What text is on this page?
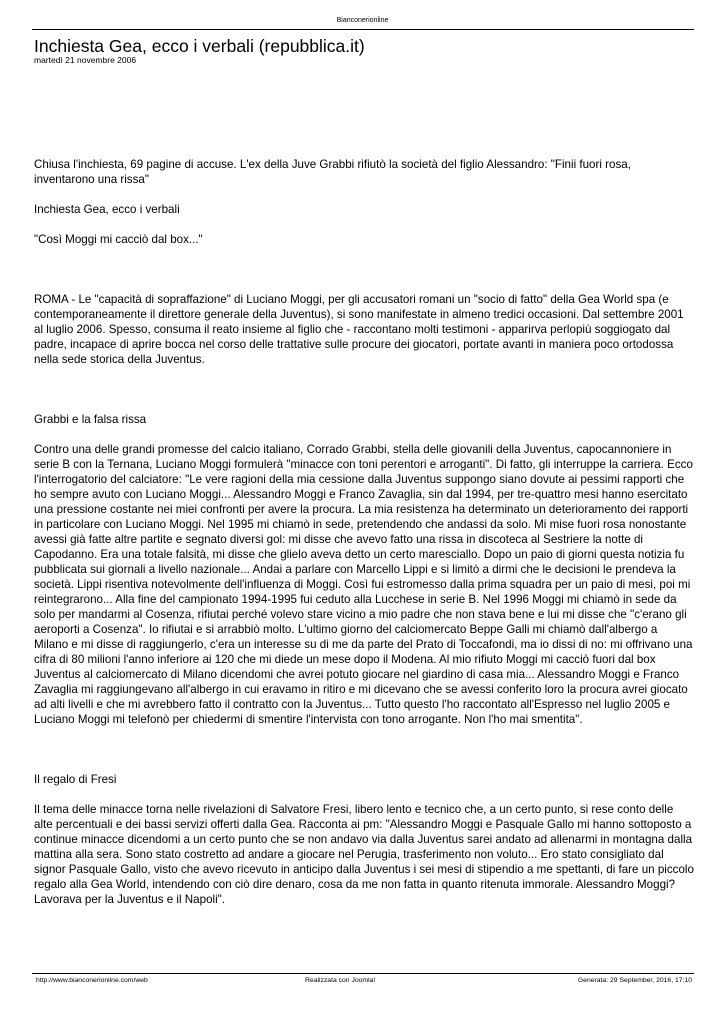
Bianconerionline
Inchiesta Gea, ecco i verbali (repubblica.it)
martedì 21 novembre 2006

Chiusa l'inchiesta, 69 pagine di accuse. L'ex della Juve Grabbi rifiutò la società del figlio Alessandro: "Finii fuori rosa, inventarono una rissa"

Inchiesta Gea, ecco i verbali

"Così Moggi mi cacciò dal box..."

ROMA - Le "capacità di sopraffazione" di Luciano Moggi, per gli accusatori romani un "socio di fatto" della Gea World spa (e contemporaneamente il direttore generale della Juventus), si sono manifestate in almeno tredici occasioni. Dal settembre 2001 al luglio 2006. Spesso, consuma il reato insieme al figlio che - raccontano molti testimoni - apparirva perlopiù soggiogato dal padre, incapace di aprire bocca nel corso delle trattative sulle procure dei giocatori, portate avanti in maniera poco ortodossa nella sede storica della Juventus.

Grabbi e la falsa rissa

Contro una delle grandi promesse del calcio italiano, Corrado Grabbi, stella delle giovanili della Juventus, capocannoniere in serie B con la Ternana, Luciano Moggi formulerà "minacce con toni perentori e arroganti". Di fatto, gli interruppe la carriera. Ecco l'interrogatorio del calciatore: "Le vere ragioni della mia cessione dalla Juventus suppongo siano dovute ai pessimi rapporti che ho sempre avuto con Luciano Moggi... Alessandro Moggi e Franco Zavaglia, sin dal 1994, per tre-quattro mesi hanno esercitato una pressione costante nei miei confronti per avere la procura. La mia resistenza ha determinato un deterioramento dei rapporti in particolare con Luciano Moggi. Nel 1995 mi chiamò in sede, pretendendo che andassi da solo. Mi mise fuori rosa nonostante avessi già fatte altre partite e segnato diversi gol: mi disse che avevo fatto una rissa in discoteca al Sestriere la notte di Capodanno. Era una totale falsità, mi disse che glielo aveva detto un certo maresciallo. Dopo un paio di giorni questa notizia fu pubblicata sui giornali a livello nazionale... Andai a parlare con Marcello Lippi e si limitò a dirmi che le decisioni le prendeva la società. Lippi risentiva notevolmente dell'influenza di Moggi. Così fui estromesso dalla prima squadra per un paio di mesi, poi mi reintegrarono... Alla fine del campionato 1994-1995 fui ceduto alla Lucchese in serie B. Nel 1996 Moggi mi chiamò in sede da solo per mandarmi al Cosenza, rifiutai perché volevo stare vicino a mio padre che non stava bene e lui mi disse che "c'erano gli aeroporti a Cosenza". Io rifiutai e si arrabbiò molto. L'ultimo giorno del calciomercato Beppe Galli mi chiamò dall'albergo a Milano e mi disse di raggiungerlo, c'era un interesse su di me da parte del Prato di Toccafondi, ma io dissi di no: mi offrivano una cifra di 80 milioni l'anno inferiore ai 120 che mi diede un mese dopo il Modena. Al mio rifiuto Moggi mi cacciò fuori dal box Juventus al calciomercato di Milano dicendomi che avrei potuto giocare nel giardino di casa mia... Alessandro Moggi e Franco Zavaglia mi raggiungevano all'albergo in cui eravamo in ritiro e mi dicevano che se avessi conferito loro la procura avrei giocato ad alti livelli e che mi avrebbero fatto il contratto con la Juventus... Tutto questo l'ho raccontato all'Espresso nel luglio 2005 e Luciano Moggi mi telefonò per chiedermi di smentire l'intervista con tono arrogante. Non l'ho mai smentita".

Il regalo di Fresi

Il tema delle minacce torna nelle rivelazioni di Salvatore Fresi, libero lento e tecnico che, a un certo punto, si rese conto delle alte percentuali e dei bassi servizi offerti dalla Gea. Racconta ai pm: "Alessandro Moggi e Pasquale Gallo mi hanno sottoposto a continue minacce dicendomi a un certo punto che se non andavo via dalla Juventus sarei andato ad allenarmi in montagna dalla mattina alla sera. Sono stato costretto ad andare a giocare nel Perugia, trasferimento non voluto... Ero stato consigliato dal signor Pasquale Gallo, visto che avevo ricevuto in anticipo dalla Juventus i sei mesi di stipendio a me spettanti, di fare un piccolo regalo alla Gea World, intendendo con ciò dire denaro, cosa da me non fatta in quanto ritenuta immorale. Alessandro Moggi? Lavorava per la Juventus e il Napoli".

http://www.bianconerionline.com/web	Realizzata con Joomla!	Generata: 29 September, 2016, 17:10
